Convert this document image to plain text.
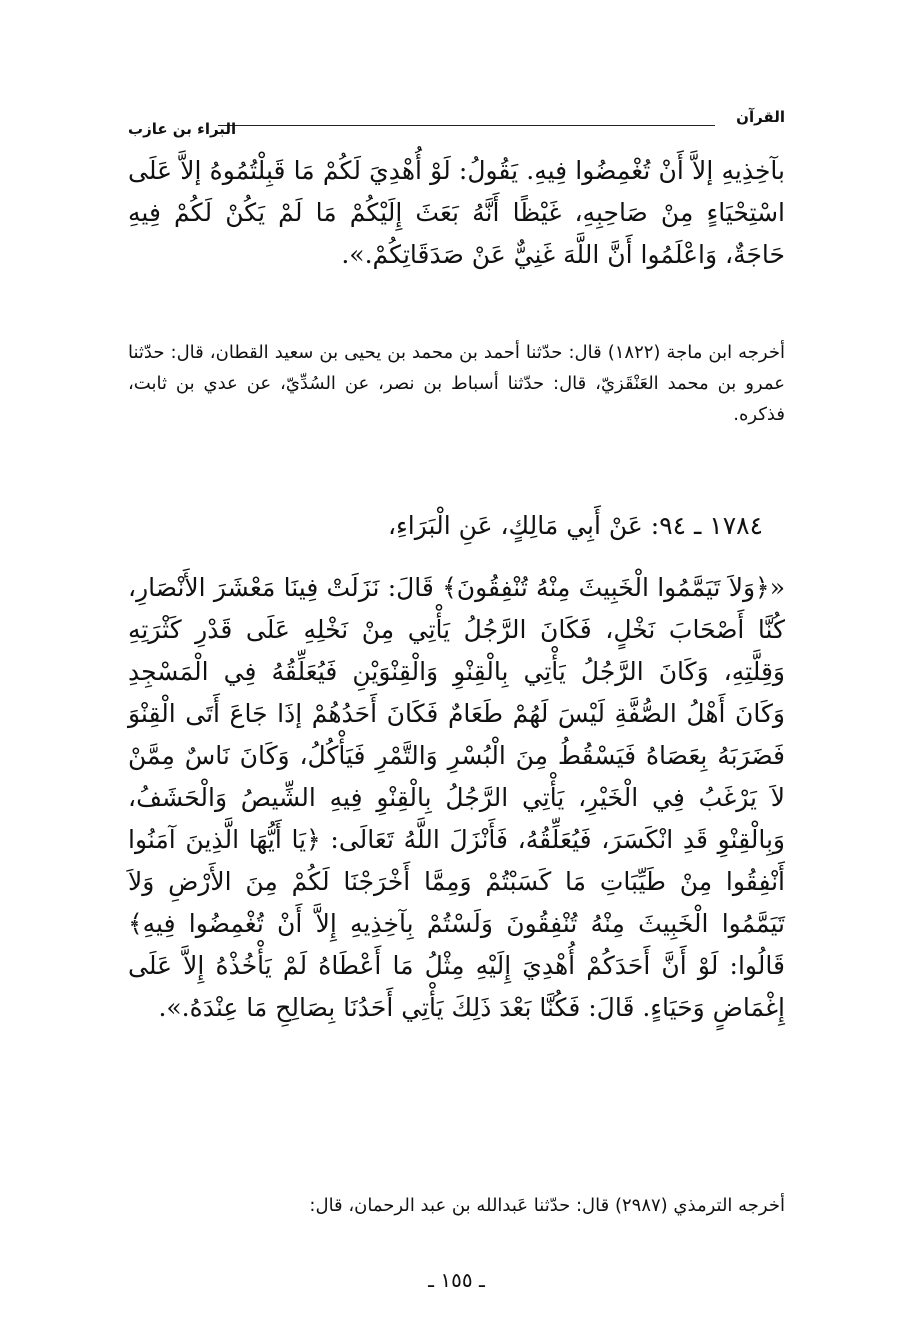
القرآن
البراء بن عازب
بآخِذِيهِ إلاَّ أَنْ تُغْمِضُوا فِيهِ. يَقُولُ: لَوْ أُهْدِيَ لَكُمْ مَا قَبِلْتُمُوهُ إلاَّ عَلَى اسْتِحْيَاءٍ مِنْ صَاحِبِهِ، غَيْظًا أَنَّهُ بَعَثَ إِلَيْكُمْ مَا لَمْ يَكُنْ لَكُمْ فِيهِ حَاجَةٌ، وَاعْلَمُوا أَنَّ اللَّهَ غَنِيٌّ عَنْ صَدَقَاتِكُمْ.».
أخرجه ابن ماجة (١٨٢٢) قال: حدّثنا أحمد بن محمد بن يحيى بن سعيد القطان، قال: حدّثنا عمرو بن محمد العَنْقَزيّ، قال: حدّثنا أسباط بن نصر، عن السُدِّيّ، عن عدي بن ثابت، فذكره.
١٧٨٤ ـ ٩٤: عَنْ أَبِي مَالِكٍ، عَنِ الْبَرَاءِ،
«﴿وَلاَ تَيَمَّمُوا الْخَبِيثَ مِنْهُ تُنْفِقُونَ﴾ قَالَ: نَزَلَتْ فِينَا مَعْشَرَ الأَنْصَارِ، كُنَّا أَصْحَابَ نَخْلٍ، فَكَانَ الرَّجُلُ يَأْتِي مِنْ نَخْلِهِ عَلَى قَدْرِ كَثْرَتِهِ وَقِلَّتِهِ، وَكَانَ الرَّجُلُ يَأْتِي بِالْقِنْوِ وَالْقِنْوَيْنِ فَيُعَلِّقُهُ فِي الْمَسْجِدِ وَكَانَ أَهْلُ الصُّفَّةِ لَيْسَ لَهُمْ طَعَامٌ فَكَانَ أَحَدُهُمْ إذَا جَاعَ أَتَى الْقِنْوَ فَضَرَبَهُ بِعَصَاهُ فَيَسْقُطُ مِنَ الْبُسْرِ وَالتَّمْرِ فَيَأْكُلُ، وَكَانَ نَاسٌ مِمَّنْ لاَ يَرْغَبُ فِي الْخَيْرِ، يَأْتِي الرَّجُلُ بِالْقِنْوِ فِيهِ الشِّيصُ وَالْحَشَفُ، وَبِالْقِنْوِ قَدِ انْكَسَرَ، فَيُعَلِّقُهُ، فَأَنْزَلَ اللَّهُ تَعَالَى: ﴿يَا أَيُّهَا الَّذِينَ آمَنُوا أَنْفِقُوا مِنْ طَيِّبَاتِ مَا كَسَبْتُمْ وَمِمَّا أَخْرَجْنَا لَكُمْ مِنَ الأَرْضِ وَلاَ تَيَمَّمُوا الْخَبِيثَ مِنْهُ تُنْفِقُونَ وَلَسْتُمْ بِآخِذِيهِ إِلاَّ أَنْ تُغْمِضُوا فِيهِ﴾ قَالُوا: لَوْ أَنَّ أَحَدَكُمْ أُهْدِيَ إِلَيْهِ مِثْلُ مَا أَعْطَاهُ لَمْ يَأْخُذْهُ إِلاَّ عَلَى إِغْمَاضٍ وَحَيَاءٍ. قَالَ: فَكُنَّا بَعْدَ ذَلِكَ يَأْتِي أَحَدُنَا بِصَالِحِ مَا عِنْدَهُ.».
أخرجه الترمذي (٢٩٨٧) قال: حدّثنا عَبدالله بن عبد الرحمان، قال:
ـ ١٥٥ ـ
